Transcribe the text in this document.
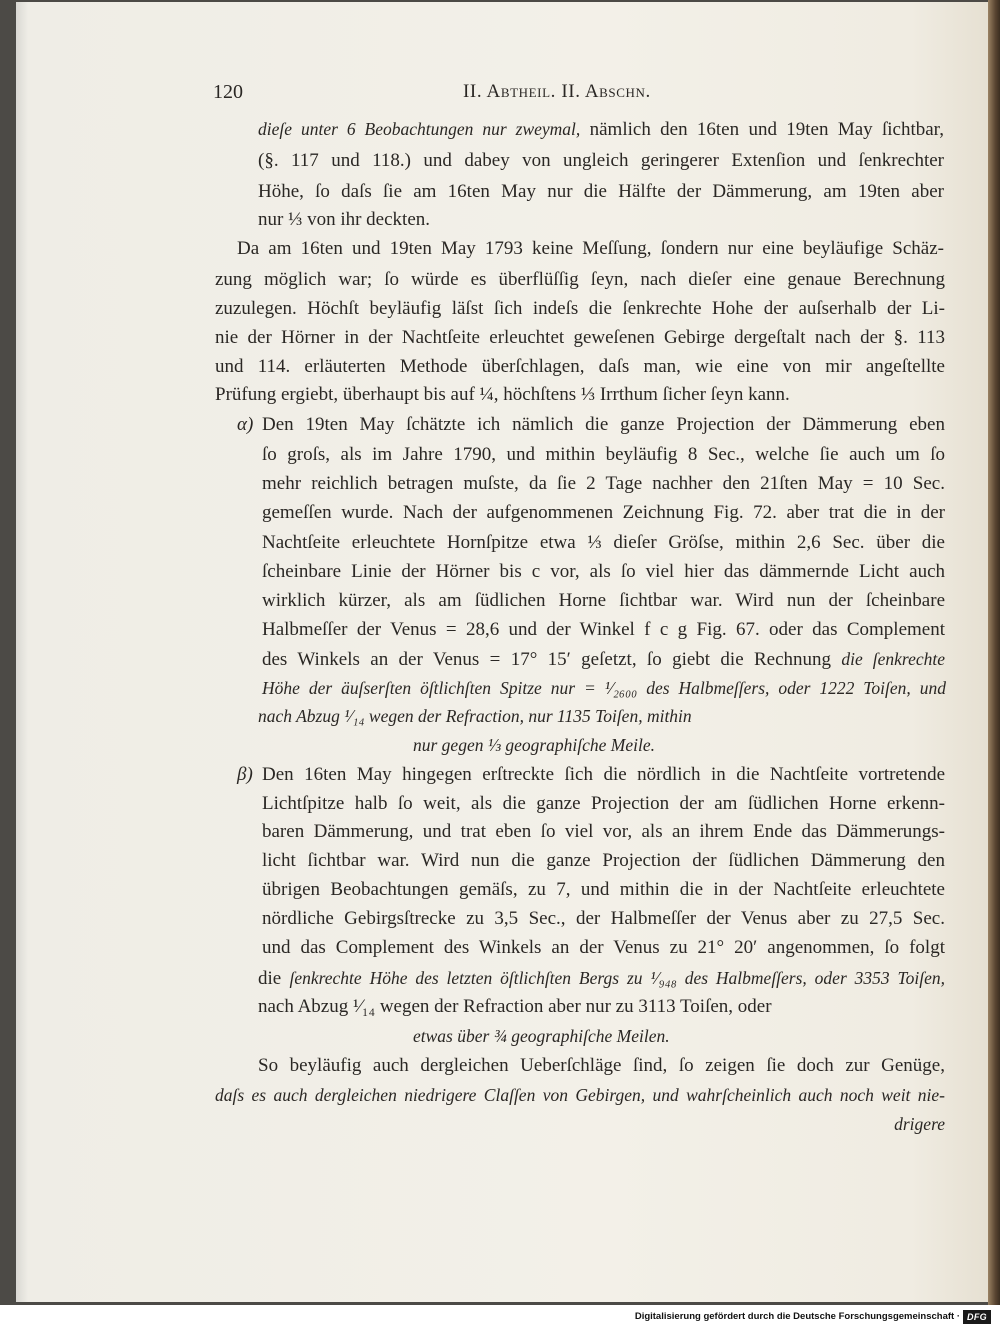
120	II. Abtheil. II. Abschn.
dieſe unter 6 Beobachtungen nur zweymal, nämlich den 16ten und 19ten May ſichtbar,
(§. 117 und 118.) und dabey von ungleich geringerer Extenſion und ſenkrechter
Höhe, ſo daſs ſie am 16ten May nur die Hälfte der Dämmerung, am 19ten aber
nur ⅓ von ihr deckten.
Da am 16ten und 19ten May 1793 keine Meſſung, ſondern nur eine beyläufige Schäz-
zung möglich war; ſo würde es überflüſſig ſeyn, nach dieſer eine genaue Berechnung
zuzulegen. Höchſt beyläufig läſst ſich indeſs die ſenkrechte Hohe der auſserhalb der Li-
nie der Hörner in der Nachtſeite erleuchtet geweſenen Gebirge dergeſtalt nach der §. 113
und 114. erläuterten Methode überſchlagen, daſs man, wie eine von mir angeſtellte
Prüfung ergiebt, überhaupt bis auf ¼, höchſtens ⅓ Irrthum ſicher ſeyn kann.
α) Den 19ten May ſchätzte ich nämlich die ganze Projection der Dämmerung eben
ſo groſs, als im Jahre 1790, und mithin beyläufig 8 Sec., welche ſie auch um ſo
mehr reichlich betragen muſste, da ſie 2 Tage nachher den 21ſten May = 10 Sec.
gemeſſen wurde. Nach der aufgenommenen Zeichnung Fig. 72. aber trat die in der
Nachtſeite erleuchtete Hornſpitze etwa ⅓ dieſer Gröſse, mithin 2,6 Sec. über die
ſcheinbare Linie der Hörner bis c vor, als ſo viel hier das dämmernde Licht auch
wirklich kürzer, als am ſüdlichen Horne ſichtbar war. Wird nun der ſcheinbare
Halbmeſſer der Venus = 28,6 und der Winkel f c g Fig. 67. oder das Complement
des Winkels an der Venus = 17° 15′ geſetzt, ſo giebt die Rechnung die ſenkrechte
Höhe der äuſserſten öſtlichſten Spitze nur = ¹⁄₂₆₀₀ des Halbmeſſers, oder 1222 Toiſen, und
nach Abzug ¹⁄₁₄ wegen der Refraction, nur 1135 Toiſen, mithin
nur gegen ⅓ geographiſche Meile.
β) Den 16ten May hingegen erſtreckte ſich die nördlich in die Nachtſeite vortretende
Lichtſpitze halb ſo weit, als die ganze Projection der am ſüdlichen Horne erkenn-
baren Dämmerung, und trat eben ſo viel vor, als an ihrem Ende das Dämmerungs-
licht ſichtbar war. Wird nun die ganze Projection der ſüdlichen Dämmerung den
übrigen Beobachtungen gemäſs, zu 7, und mithin die in der Nachtſeite erleuchtete
nördliche Gebirgsſtrecke zu 3,5 Sec., der Halbmeſſer der Venus aber zu 27,5 Sec.
und das Complement des Winkels an der Venus zu 21° 20′ angenommen, ſo folgt
die ſenkrechte Höhe des letzten öſtlichſten Bergs zu ¹⁄₉₄₈ des Halbmeſſers, oder 3353 Toiſen,
nach Abzug ¹⁄₁₄ wegen der Refraction aber nur zu 3113 Toiſen, oder
etwas über ¾ geographiſche Meilen.
So beyläufig auch dergleichen Ueberſchläge ſind, ſo zeigen ſie doch zur Genüge,
daſs es auch dergleichen niedrigere Claſſen von Gebirgen, und wahrſcheinlich auch noch weit nie-
drigere
Digitalisierung gefördert durch die Deutsche Forschungsgemeinschaft · DFG
